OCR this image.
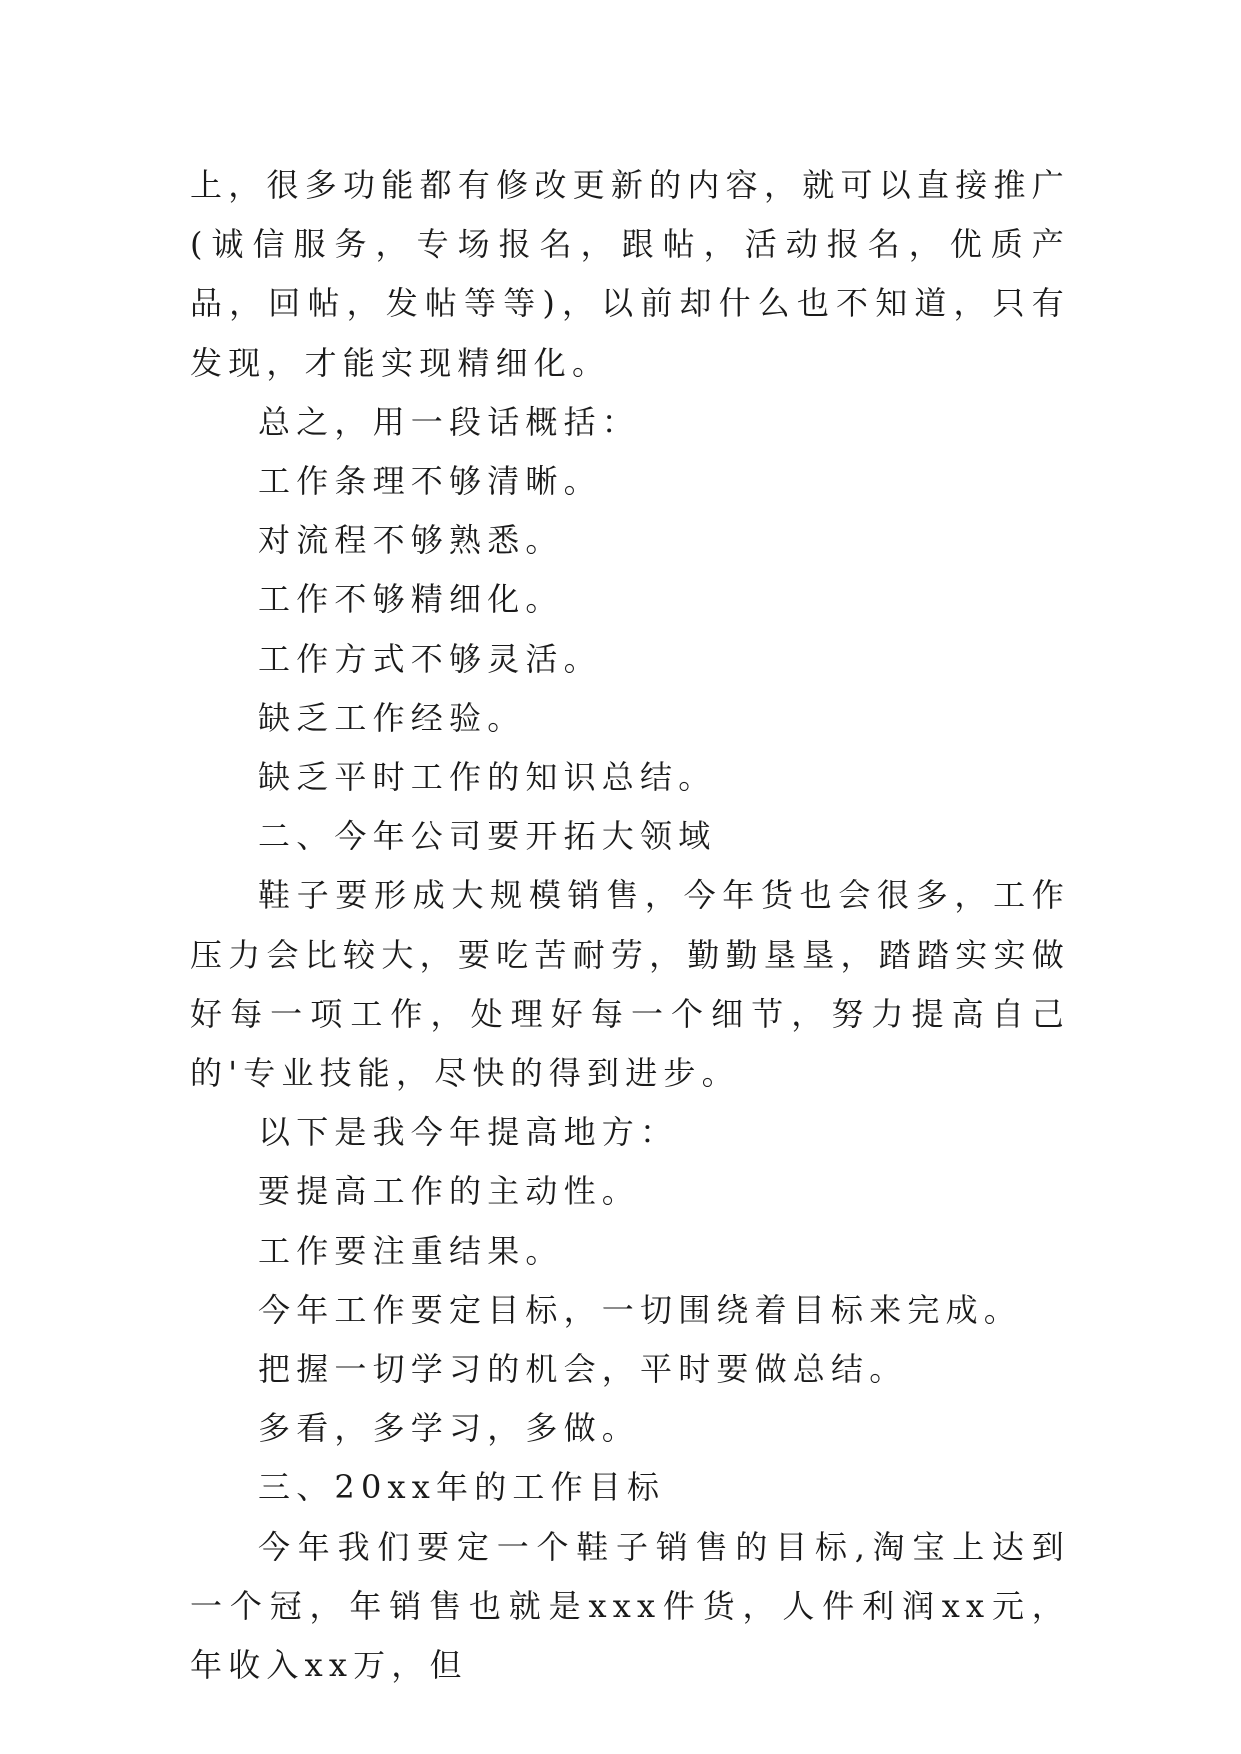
上，很多功能都有修改更新的内容，就可以直接推广(诚信服务，专场报名，跟帖，活动报名，优质产品，回帖，发帖等等)，以前却什么也不知道，只有发现，才能实现精细化。

总之，用一段话概括：

工作条理不够清晰。

对流程不够熟悉。

工作不够精细化。

工作方式不够灵活。

缺乏工作经验。

缺乏平时工作的知识总结。

二、今年公司要开拓大领域

鞋子要形成大规模销售，今年货也会很多，工作压力会比较大，要吃苦耐劳，勤勤垦垦，踏踏实实做好每一项工作，处理好每一个细节，努力提高自己的'专业技能，尽快的得到进步。

以下是我今年提高地方：

要提高工作的主动性。

工作要注重结果。

今年工作要定目标，一切围绕着目标来完成。

把握一切学习的机会，平时要做总结。

多看，多学习，多做。

三、20xx年的工作目标

今年我们要定一个鞋子销售的目标,淘宝上达到一个冠，年销售也就是xxx件货，人件利润xx元，年收入xx万，但
